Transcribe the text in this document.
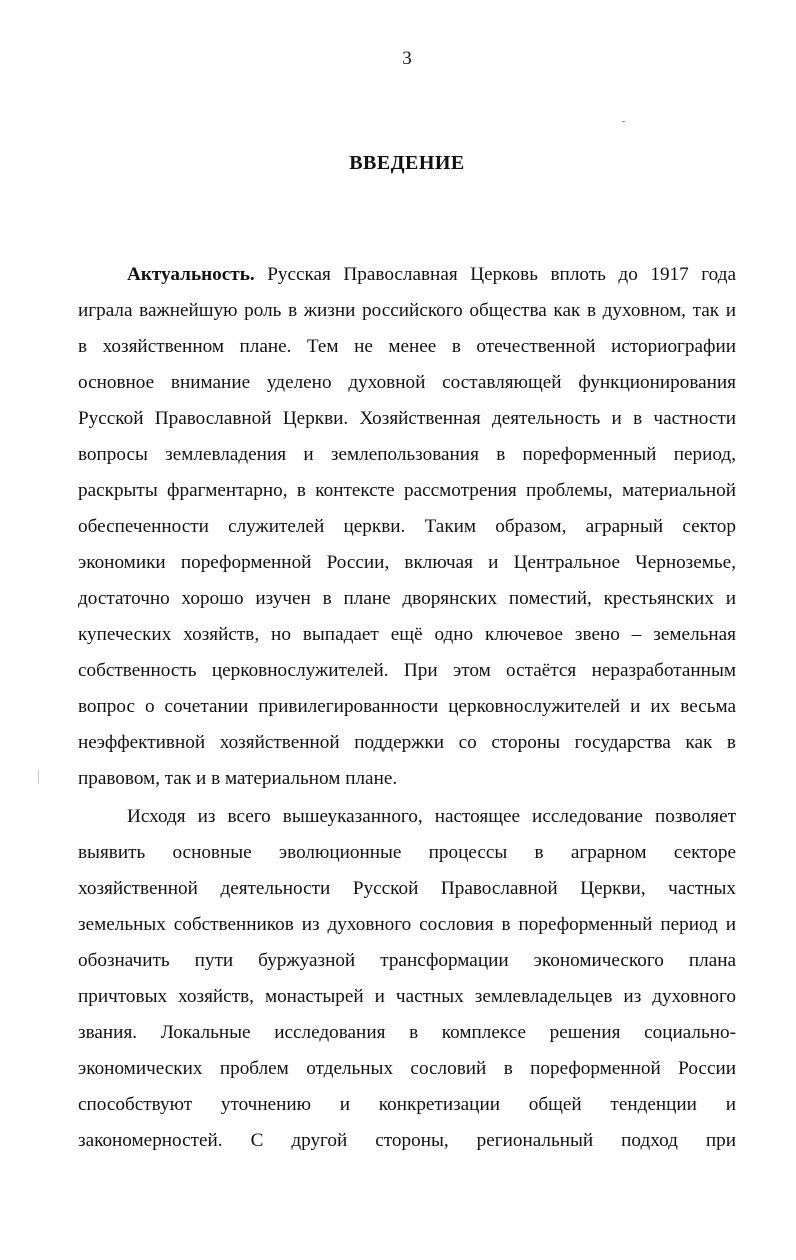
3
ВВЕДЕНИЕ
Актуальность. Русская Православная Церковь вплоть до 1917 года
играла важнейшую роль в жизни российского общества как в духовном, так и
в хозяйственном плане. Тем не менее в отечественной историографии
основное внимание уделено духовной составляющей функционирования
Русской Православной Церкви. Хозяйственная деятельность и в частности
вопросы землевладения и землепользования в пореформенный период,
раскрыты фрагментарно, в контексте рассмотрения проблемы, материальной
обеспеченности служителей церкви. Таким образом, аграрный сектор
экономики пореформенной России, включая и Центральное Черноземье,
достаточно хорошо изучен в плане дворянских поместий, крестьянских и
купеческих хозяйств, но выпадает ещё одно ключевое звено – земельная
собственность церковнослужителей. При этом остаётся неразработанным
вопрос о сочетании привилегированности церковнослужителей и их весьма
неэффективной хозяйственной поддержки со стороны государства как в
правовом, так и в материальном плане.
Исходя из всего вышеуказанного, настоящее исследование позволяет
выявить основные эволюционные процессы в аграрном секторе
хозяйственной деятельности Русской Православной Церкви, частных
земельных собственников из духовного сословия в пореформенный период и
обозначить пути буржуазной трансформации экономического плана
причтовых хозяйств, монастырей и частных землевладельцев из духовного
звания. Локальные исследования в комплексе решения социально-
экономических проблем отдельных сословий в пореформенной России
способствуют уточнению и конкретизации общей тенденции и
закономерностей. С другой стороны, региональный подход при
